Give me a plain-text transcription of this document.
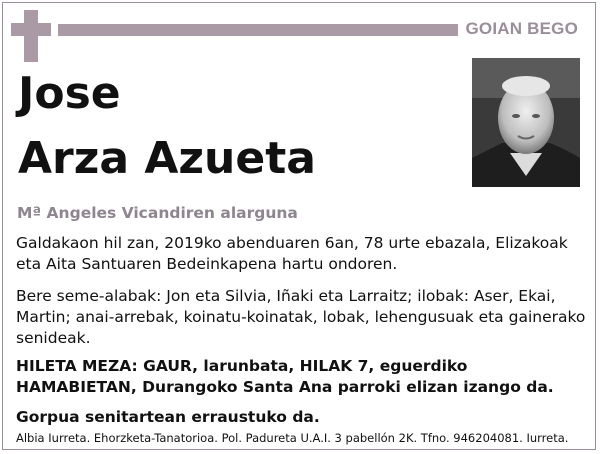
GOIAN BEGO
Jose
Arza Azueta
Mª Angeles Vicandiren alarguna
Galdakaon hil zan, 2019ko abenduaren 6an, 78 urte ebazala, Elizakoak eta Aita Santuaren Bedeinkapena hartu ondoren.
Bere seme-alabak: Jon eta Silvia, Iñaki eta Larraitz; ilobak: Aser, Ekai, Martin; anai-arrebak, koinatu-koinatak, lobak, lehengusuak eta gainerako senideak.
HILETA MEZA: GAUR, larunbata, HILAK 7, eguerdiko HAMABIETAN, Durangoko Santa Ana parroki elizan izango da.
Gorpua senitartean erraustuko da.
Albia Iurreta. Ehorzketa-Tanatorioa. Pol. Padureta U.A.I. 3 pabellón 2K. Tfno. 946204081. Iurreta.
